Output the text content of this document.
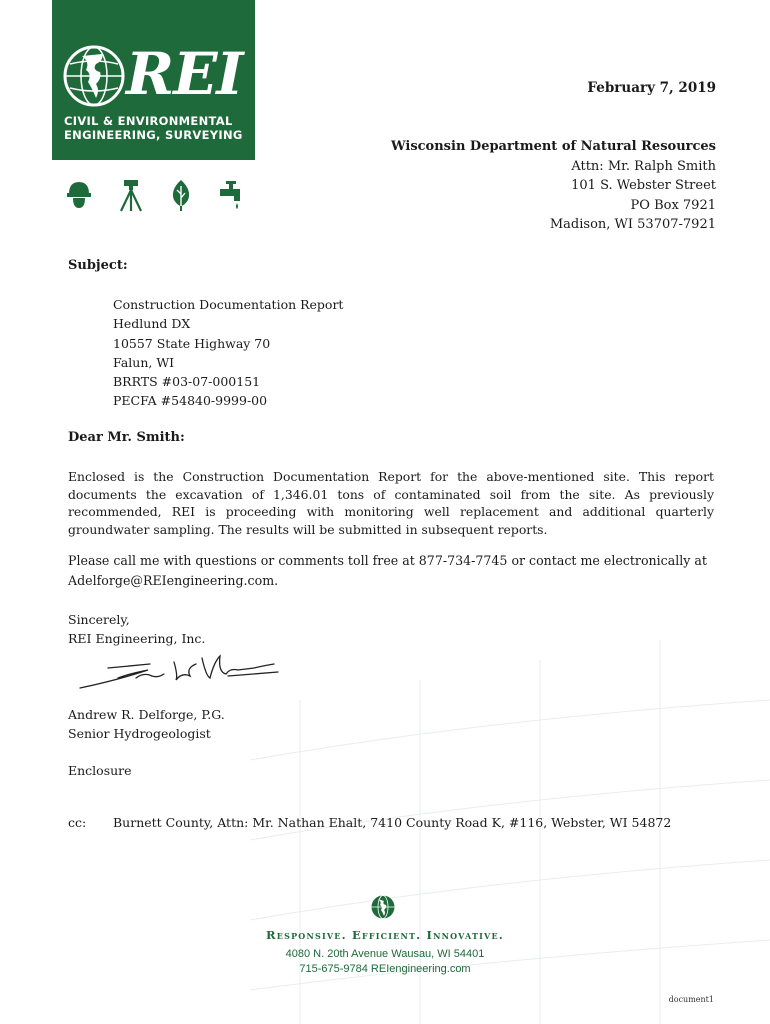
REI
CIVIL & ENVIRONMENTAL
ENGINEERING, SURVEYING
February 7, 2019
Wisconsin Department of Natural Resources
Attn: Mr. Ralph Smith
101 S. Webster Street
PO Box 7921
Madison, WI 53707-7921
Subject:
Construction Documentation Report
Hedlund DX
10557 State Highway 70
Falun, WI
BRRTS #03-07-000151
PECFA #54840-9999-00
Dear Mr. Smith:
Enclosed is the Construction Documentation Report for the above-mentioned site. This report documents the excavation of 1,346.01 tons of contaminated soil from the site. As previously recommended, REI is proceeding with monitoring well replacement and additional quarterly groundwater sampling. The results will be submitted in subsequent reports.
Please call me with questions or comments toll free at 877-734-7745 or contact me electronically at Adelforge@REIengineering.com.
Sincerely,
REI Engineering, Inc.
Andrew R. Delforge, P.G.
Senior Hydrogeologist
Enclosure
cc: Burnett County, Attn: Mr. Nathan Ehalt, 7410 County Road K, #116, Webster, WI 54872
Responsive. Efficient. Innovative.
4080 N. 20th Avenue Wausau, WI 54401
715-675-9784 REIengineering.com
document1
